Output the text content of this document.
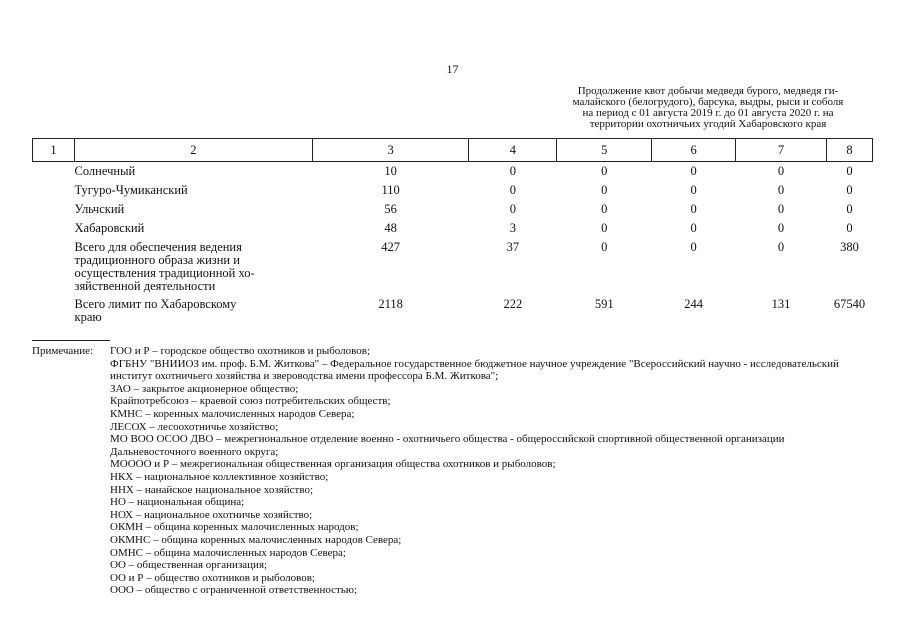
17
Продолжение квот добычи медведя бурого, медведя ги-
малайского (белогрудого), барсука, выдры, рыси и соболя
на период с 01 августа 2019 г. до 01 августа 2020 г. на
территории охотничьих угодий Хабаровского края
1	2	3	4	5	6	7	8
Солнечный		10	0	0	0	0	0
Тугуро-Чумиканский		110	0	0	0	0	0
Ульчский		56	0	0	0	0	0
Хабаровский		48	3	0	0	0	0

Всего для обеспечения ведения
традиционного образа жизни и
осуществления традиционной хо-
зяйственной деятельности		427	37	0	0	0	380

Всего лимит по Хабаровскому
краю		2118	222	591	244	131	67540
Примечание:	ГОО и Р – городское общество охотников и рыболовов;
ФГБНУ "ВНИИОЗ им. проф. Б.М. Житкова" – Федеральное государственное бюджетное научное учреждение "Всероссийский научно - исследовательский институт охотничьего хозяйства и звероводства имени профессора Б.М. Житкова";
ЗАО – закрытое акционерное общество;
Крайпотребсоюз – краевой союз потребительских обществ;
КМНС – коренных малочисленных народов Севера;
ЛЕСОХ – лесоохотничье хозяйство;
МО ВОО ОСОО ДВО – межрегиональное отделение военно - охотничьего общества - общероссийской спортивной общественной организации Дальневосточного военного округа;
МОООО и Р – межрегиональная общественная организация общества охотников и рыболовов;
НКХ – национальное коллективное хозяйство;
ННХ – нанайское национальное хозяйство;
НО – национальная община;
НОХ – национальное охотничье хозяйство;
ОКМН – община коренных малочисленных народов;
ОКМНС – община коренных малочисленных народов Севера;
ОМНС – община малочисленных народов Севера;
ОО – общественная организация;
ОО и Р – общество охотников и рыболовов;
ООО – общество с ограниченной ответственностью;
